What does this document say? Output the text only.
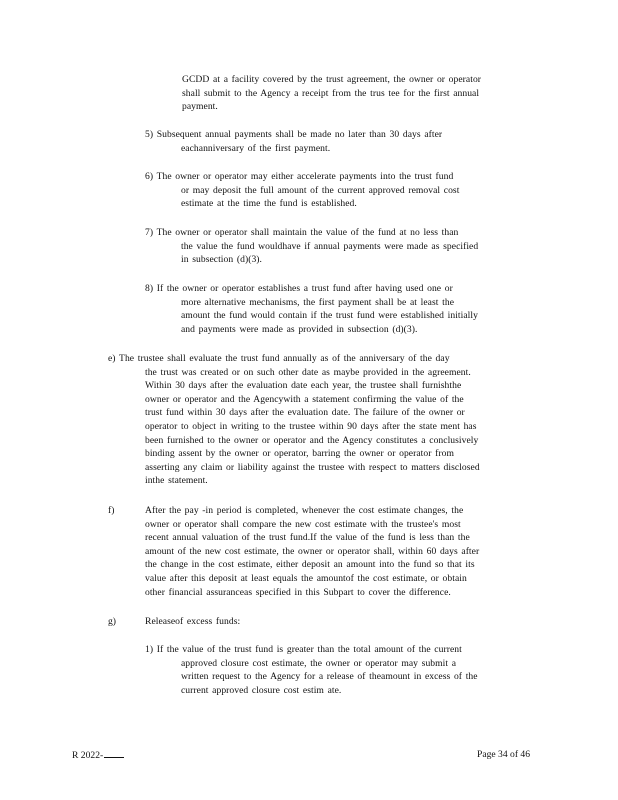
GCDD at a facility covered by the trust agreement, the owner or operator
shall submit to the Agency a receipt from the trus tee for the first annual
payment.
5) Subsequent annual payments shall be made no later than 30 days after
eachanniversary of the first payment.
6) The owner or operator may either accelerate payments into the trust fund
or may deposit the full amount of the current approved removal cost
estimate at the time the fund is established.
7) The owner or operator shall maintain the value of the fund at no less than
the value the fund wouldhave if annual payments were made as specified
in subsection (d)(3).
8) If the owner or operator establishes a trust fund after having used one or
more alternative mechanisms, the first payment shall be at least the
amount the fund would contain if the trust fund were established initially
and payments were made as provided in subsection (d)(3).
e) The trustee shall evaluate the trust fund annually as of the anniversary of the day
the trust was created or on such other date as maybe provided in the agreement.
Within 30 days after the evaluation date each year, the trustee shall furnishthe
owner or operator and the Agencywith a statement confirming the value of the
trust fund within 30 days after the evaluation date. The failure of the owner or
operator to object in writing to the trustee within 90 days after the state ment has
been furnished to the owner or operator and the Agency constitutes a conclusively
binding assent by the owner or operator, barring the owner or operator from
asserting any claim or liability against the trustee with respect to matters disclosed
inthe statement.
f)	After the pay -in period is completed, whenever the cost estimate changes, the
owner or operator shall compare the new cost estimate with the trustee's most
recent annual valuation of the trust fund.If the value of the fund is less than the
amount of the new cost estimate, the owner or operator shall, within 60 days after
the change in the cost estimate, either deposit an amount into the fund so that its
value after this deposit at least equals the amountof the cost estimate, or obtain
other financial assuranceas specified in this Subpart to cover the difference.
g)	Releaseof excess funds:
1) If the value of the trust fund is greater than the total amount of the current
approved closure cost estimate, the owner or operator may submit a
written request to the Agency for a release of theamount in excess of the
current approved closure cost estim ate.
R 2022-	Page 34 of 46
